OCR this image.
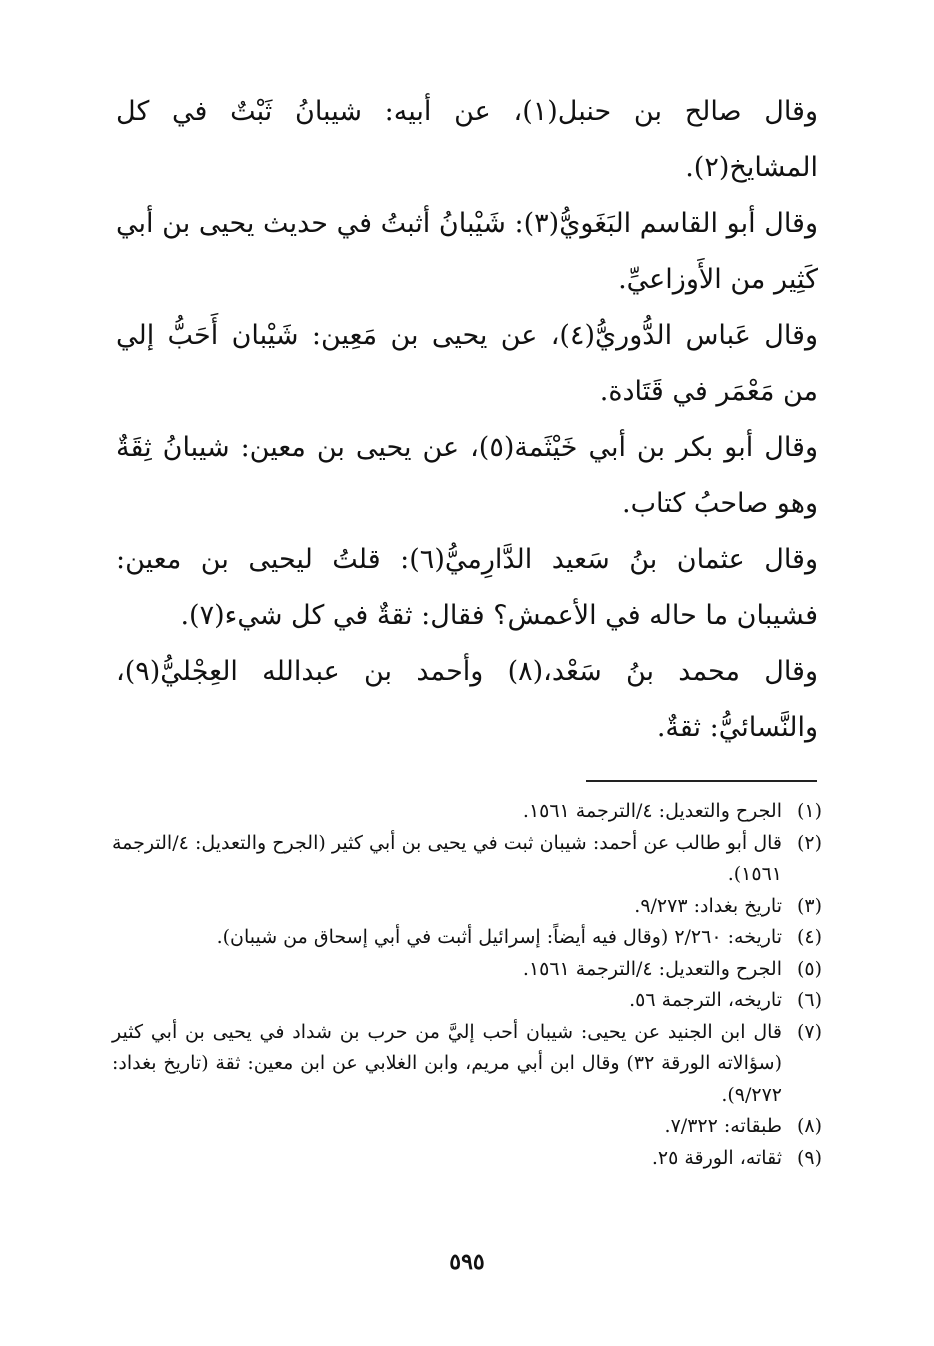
وقال صالح بن حنبل(١)، عن أبيه: شيبانُ ثَبْتٌ في كل المشايخ(٢).

وقال أبو القاسم البَغَويُّ(٣): شَيْبانُ أثبتُ في حديث يحيى بن أبي كَثِير من الأَوزاعيِّ.

وقال عَباس الدُّوريُّ(٤)، عن يحيى بن مَعِين: شَيْبان أَحَبُّ إلي من مَعْمَر في قَتَادة.

وقال أبو بكر بن أبي خَيْثَمة(٥)، عن يحيى بن معين: شيبانُ ثِقَةٌ وهو صاحبُ كتاب.

وقال عثمان بنُ سَعيد الدَّارِميُّ(٦): قلتُ ليحيى بن معين: فشيبان ما حاله في الأعمش؟ فقال: ثقةٌ في كل شيء(٧).

وقال محمد بنُ سَعْد،(٨) وأحمد بن عبدالله العِجْليُّ(٩)، والنَّسائيُّ: ثقةٌ.

(١)
الجرح والتعديل: ٤/الترجمة ١٥٦١.
(٢)
قال أبو طالب عن أحمد: شيبان ثبت في يحيى بن أبي كثير (الجرح والتعديل: ٤/الترجمة ١٥٦١).
(٣)
تاريخ بغداد: ٩/٢٧٣.
(٤)
تاريخه: ٢/٢٦٠ (وقال فيه أيضاً: إسرائيل أثبت في أبي إسحاق من شيبان).
(٥)
الجرح والتعديل: ٤/الترجمة ١٥٦١.
(٦)
تاريخه، الترجمة ٥٦.
(٧)
قال ابن الجنيد عن يحيى: شيبان أحب إليَّ من حرب بن شداد في يحيى بن أبي كثير (سؤالاته الورقة ٣٢) وقال ابن أبي مريم، وابن الغلابي عن ابن معين: ثقة (تاريخ بغداد: ٩/٢٧٢).
(٨)
طبقاته: ٧/٣٢٢.
(٩)
ثقاته، الورقة ٢٥.
٥٩٥
